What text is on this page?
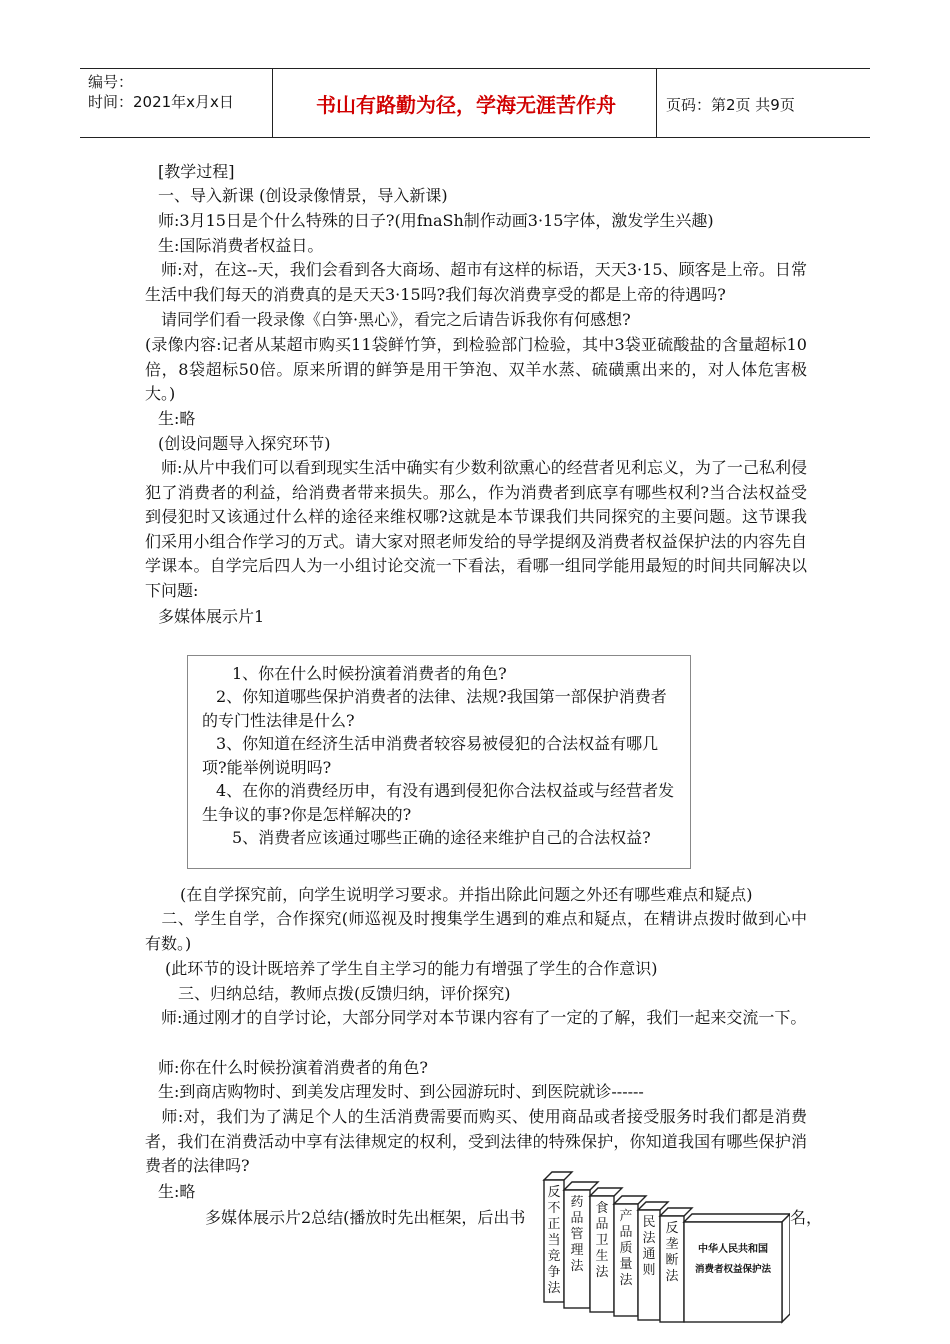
编号：
时间：2021年x月x日	书山有路勤为径，学海无涯苦作舟	页码：第2页 共9页
[教学过程]
一、导入新课 (创设录像情景，导入新课)
师:3月15日是个什么特殊的日子?(用fnaSh制作动画3·15字体，激发学生兴趣)
生:国际消费者权益日。
　师:对，在这--天，我们会看到各大商场、超市有这样的标语，天天3·15、顾客是上帝。日常生活中我们每天的消费真的是天天3·15吗?我们每次消费享受的都是上帝的待遇吗?
　请同学们看一段录像《白笋·黑心》，看完之后请告诉我你有何感想?
(录像内容:记者从某超市购买11袋鲜竹笋，到检验部门检验，其中3袋亚硫酸盐的含量超标10倍，8袋超标50倍。原来所谓的鲜笋是用干笋泡、双羊水蒸、硫磺熏出来的，对人体危害极大。)
生:略
(创设问题导入探究环节)
　师:从片中我们可以看到现实生活中确实有少数利欲熏心的经营者见利忘义，为了一己私利侵犯了消费者的利益，给消费者带来损失。那么，作为消费者到底享有哪些权利?当合法权益受到侵犯时又该通过什么样的途径来维权哪?这就是本节课我们共同探究的主要问题。这节课我们采用小组合作学习的万式。请大家对照老师发给的导学提纲及消费者权益保护法的内容先自学课本。自学完后四人为一小组讨论交流一下看法，看哪一组同学能用最短的时间共同解决以下问题:
多媒体展示片1
1、你在什么时候扮演着消费者的角色?
2、你知道哪些保护消费者的法律、法规?我国第一部保护消费者的专门性法律是什么?
3、你知道在经济生活申消费者较容易被侵犯的合法权益有哪几项?能举例说明吗?
4、在你的消费经历申，有没有遇到侵犯你合法权益或与经营者发生争议的事?你是怎样解决的?
5、消费者应该通过哪些正确的途径来维护自己的合法权益?
(在自学探究前，向学生说明学习要求。并指出除此问题之外还有哪些难点和疑点)
　二、学生自学，合作探究(师巡视及时搜集学生遇到的难点和疑点，在精讲点拨时做到心中有数。)
(此环节的设计既培养了学生自主学习的能力有增强了学生的合作意识)
三、归纳总结，教师点拨(反馈归纳，评价探究)
　师:通过刚才的自学讨论，大部分同学对本节课内容有了一定的了解，我们一起来交流一下。
师:你在什么时候扮演着消费者的角色?
生:到商店购物时、到美发店理发时、到公园游玩时、到医院就诊------
　师:对，我们为了满足个人的生活消费需要而购买、使用商品或者接受服务时我们都是消费者，我们在消费活动中享有法律规定的权利，受到法律的特殊保护，你知道我国有哪些保护消费者的法律吗?
生:略
多媒体展示片2总结(播放时先出框架，后出书	名，
反
不
正
当
竞
争
法
药
品
管
理
法
食
品
卫
生
法
产
品
质
量
法
民
法
通
则
反
垄
断
法
中华人民共和国
消费者权益保护法
